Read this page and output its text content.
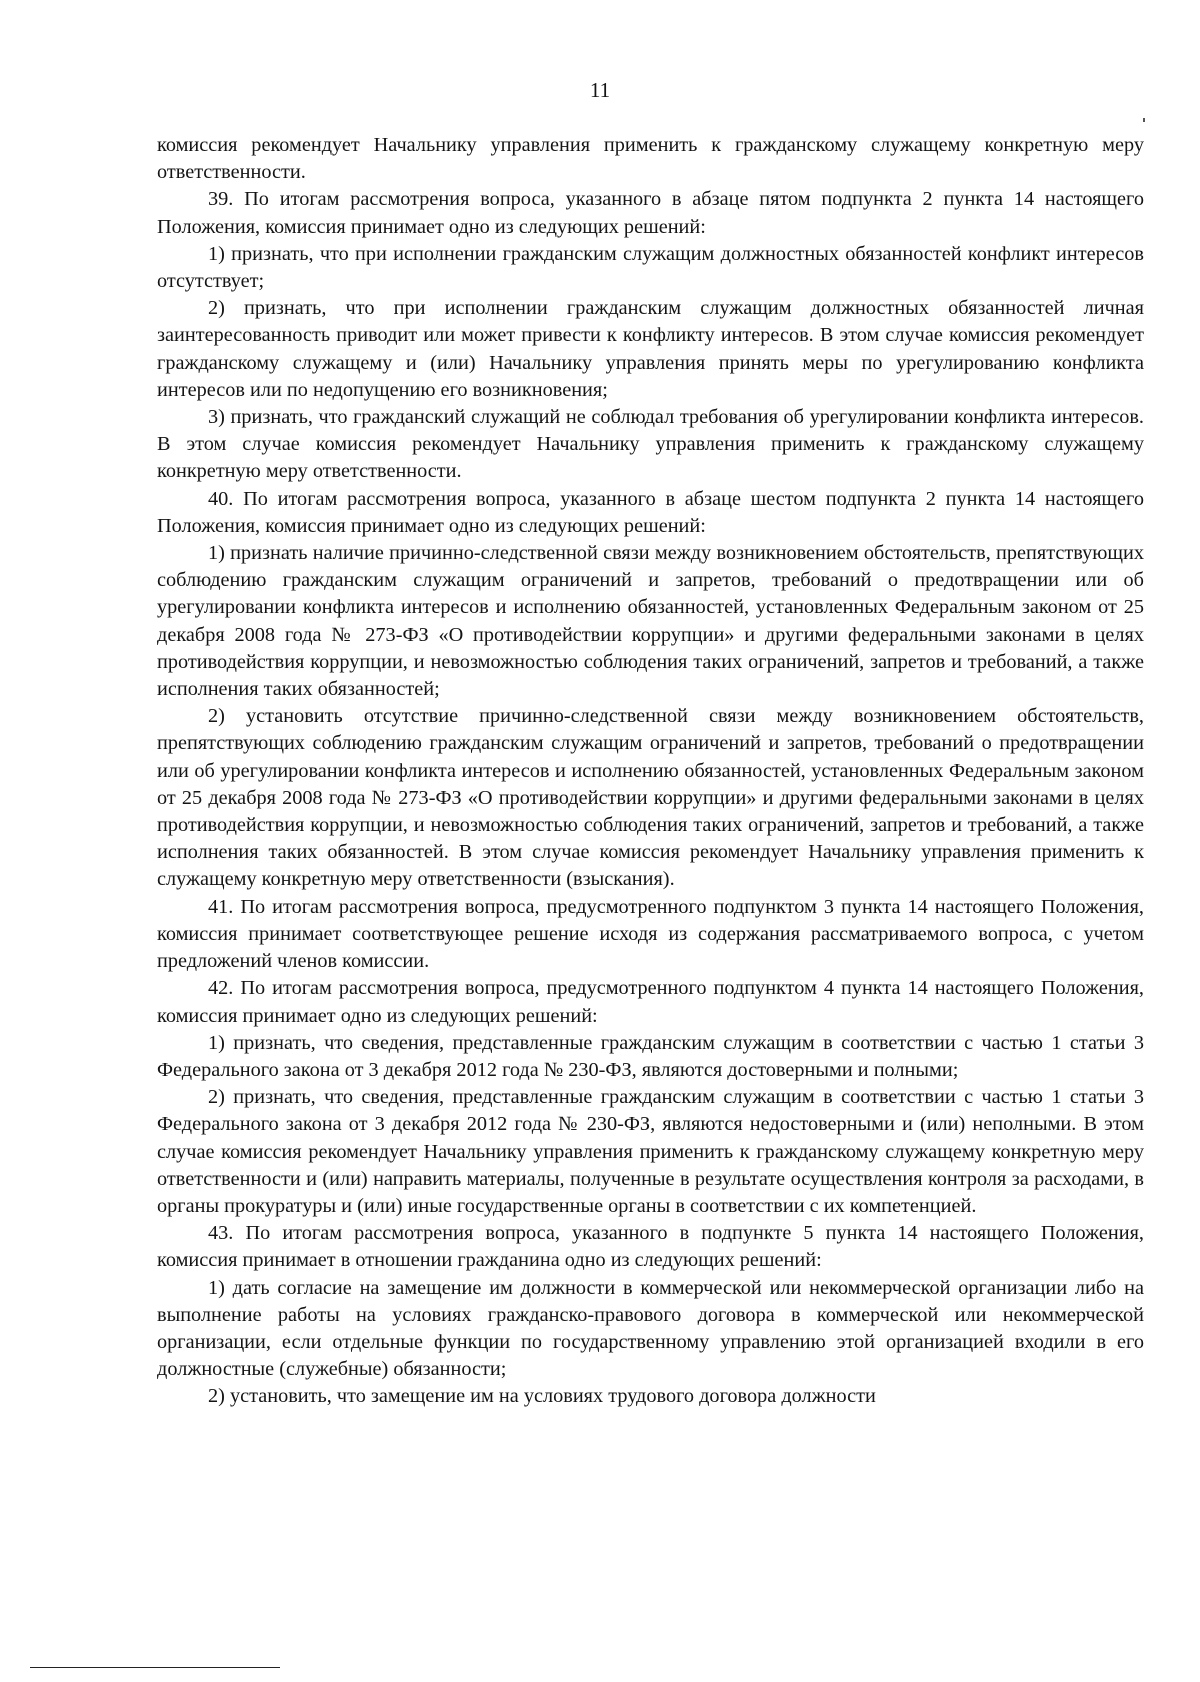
11

комиссия рекомендует Начальнику управления применить к гражданскому служащему конкретную меру ответственности.

39. По итогам рассмотрения вопроса, указанного в абзаце пятом подпункта 2 пункта 14 настоящего Положения, комиссия принимает одно из следующих решений:

1) признать, что при исполнении гражданским служащим должностных обязанностей конфликт интересов отсутствует;

2) признать, что при исполнении гражданским служащим должностных обязанностей личная заинтересованность приводит или может привести к конфликту интересов. В этом случае комиссия рекомендует гражданскому служащему и (или) Начальнику управления принять меры по урегулированию конфликта интересов или по недопущению его возникновения;

3) признать, что гражданский служащий не соблюдал требования об урегулировании конфликта интересов. В этом случае комиссия рекомендует Начальнику управления применить к гражданскому служащему конкретную меру ответственности.

40. По итогам рассмотрения вопроса, указанного в абзаце шестом подпункта 2 пункта 14 настоящего Положения, комиссия принимает одно из следующих решений:

1) признать наличие причинно-следственной связи между возникновением обстоятельств, препятствующих соблюдению гражданским служащим ограничений и запретов, требований о предотвращении или об урегулировании конфликта интересов и исполнению обязанностей, установленных Федеральным законом от 25 декабря 2008 года № 273-ФЗ «О противодействии коррупции» и другими федеральными законами в целях противодействия коррупции, и невозможностью соблюдения таких ограничений, запретов и требований, а также исполнения таких обязанностей;

2) установить отсутствие причинно-следственной связи между возникновением обстоятельств, препятствующих соблюдению гражданским служащим ограничений и запретов, требований о предотвращении или об урегулировании конфликта интересов и исполнению обязанностей, установленных Федеральным законом от 25 декабря 2008 года № 273-ФЗ «О противодействии коррупции» и другими федеральными законами в целях противодействия коррупции, и невозможностью соблюдения таких ограничений, запретов и требований, а также исполнения таких обязанностей. В этом случае комиссия рекомендует Начальнику управления применить к служащему конкретную меру ответственности (взыскания).

41. По итогам рассмотрения вопроса, предусмотренного подпунктом 3 пункта 14 настоящего Положения, комиссия принимает соответствующее решение исходя из содержания рассматриваемого вопроса, с учетом предложений членов комиссии.

42. По итогам рассмотрения вопроса, предусмотренного подпунктом 4 пункта 14 настоящего Положения, комиссия принимает одно из следующих решений:

1) признать, что сведения, представленные гражданским служащим в соответствии с частью 1 статьи 3 Федерального закона от 3 декабря 2012 года № 230-ФЗ, являются достоверными и полными;

2) признать, что сведения, представленные гражданским служащим в соответствии с частью 1 статьи 3 Федерального закона от 3 декабря 2012 года № 230-ФЗ, являются недостоверными и (или) неполными. В этом случае комиссия рекомендует Начальнику управления применить к гражданскому служащему конкретную меру ответственности и (или) направить материалы, полученные в результате осуществления контроля за расходами, в органы прокуратуры и (или) иные государственные органы в соответствии с их компетенцией.

43. По итогам рассмотрения вопроса, указанного в подпункте 5 пункта 14 настоящего Положения, комиссия принимает в отношении гражданина одно из следующих решений:

1) дать согласие на замещение им должности в коммерческой или некоммерческой организации либо на выполнение работы на условиях гражданско-правового договора в коммерческой или некоммерческой организации, если отдельные функции по государственному управлению этой организацией входили в его должностные (служебные) обязанности;

2) установить, что замещение им на условиях трудового договора должности
